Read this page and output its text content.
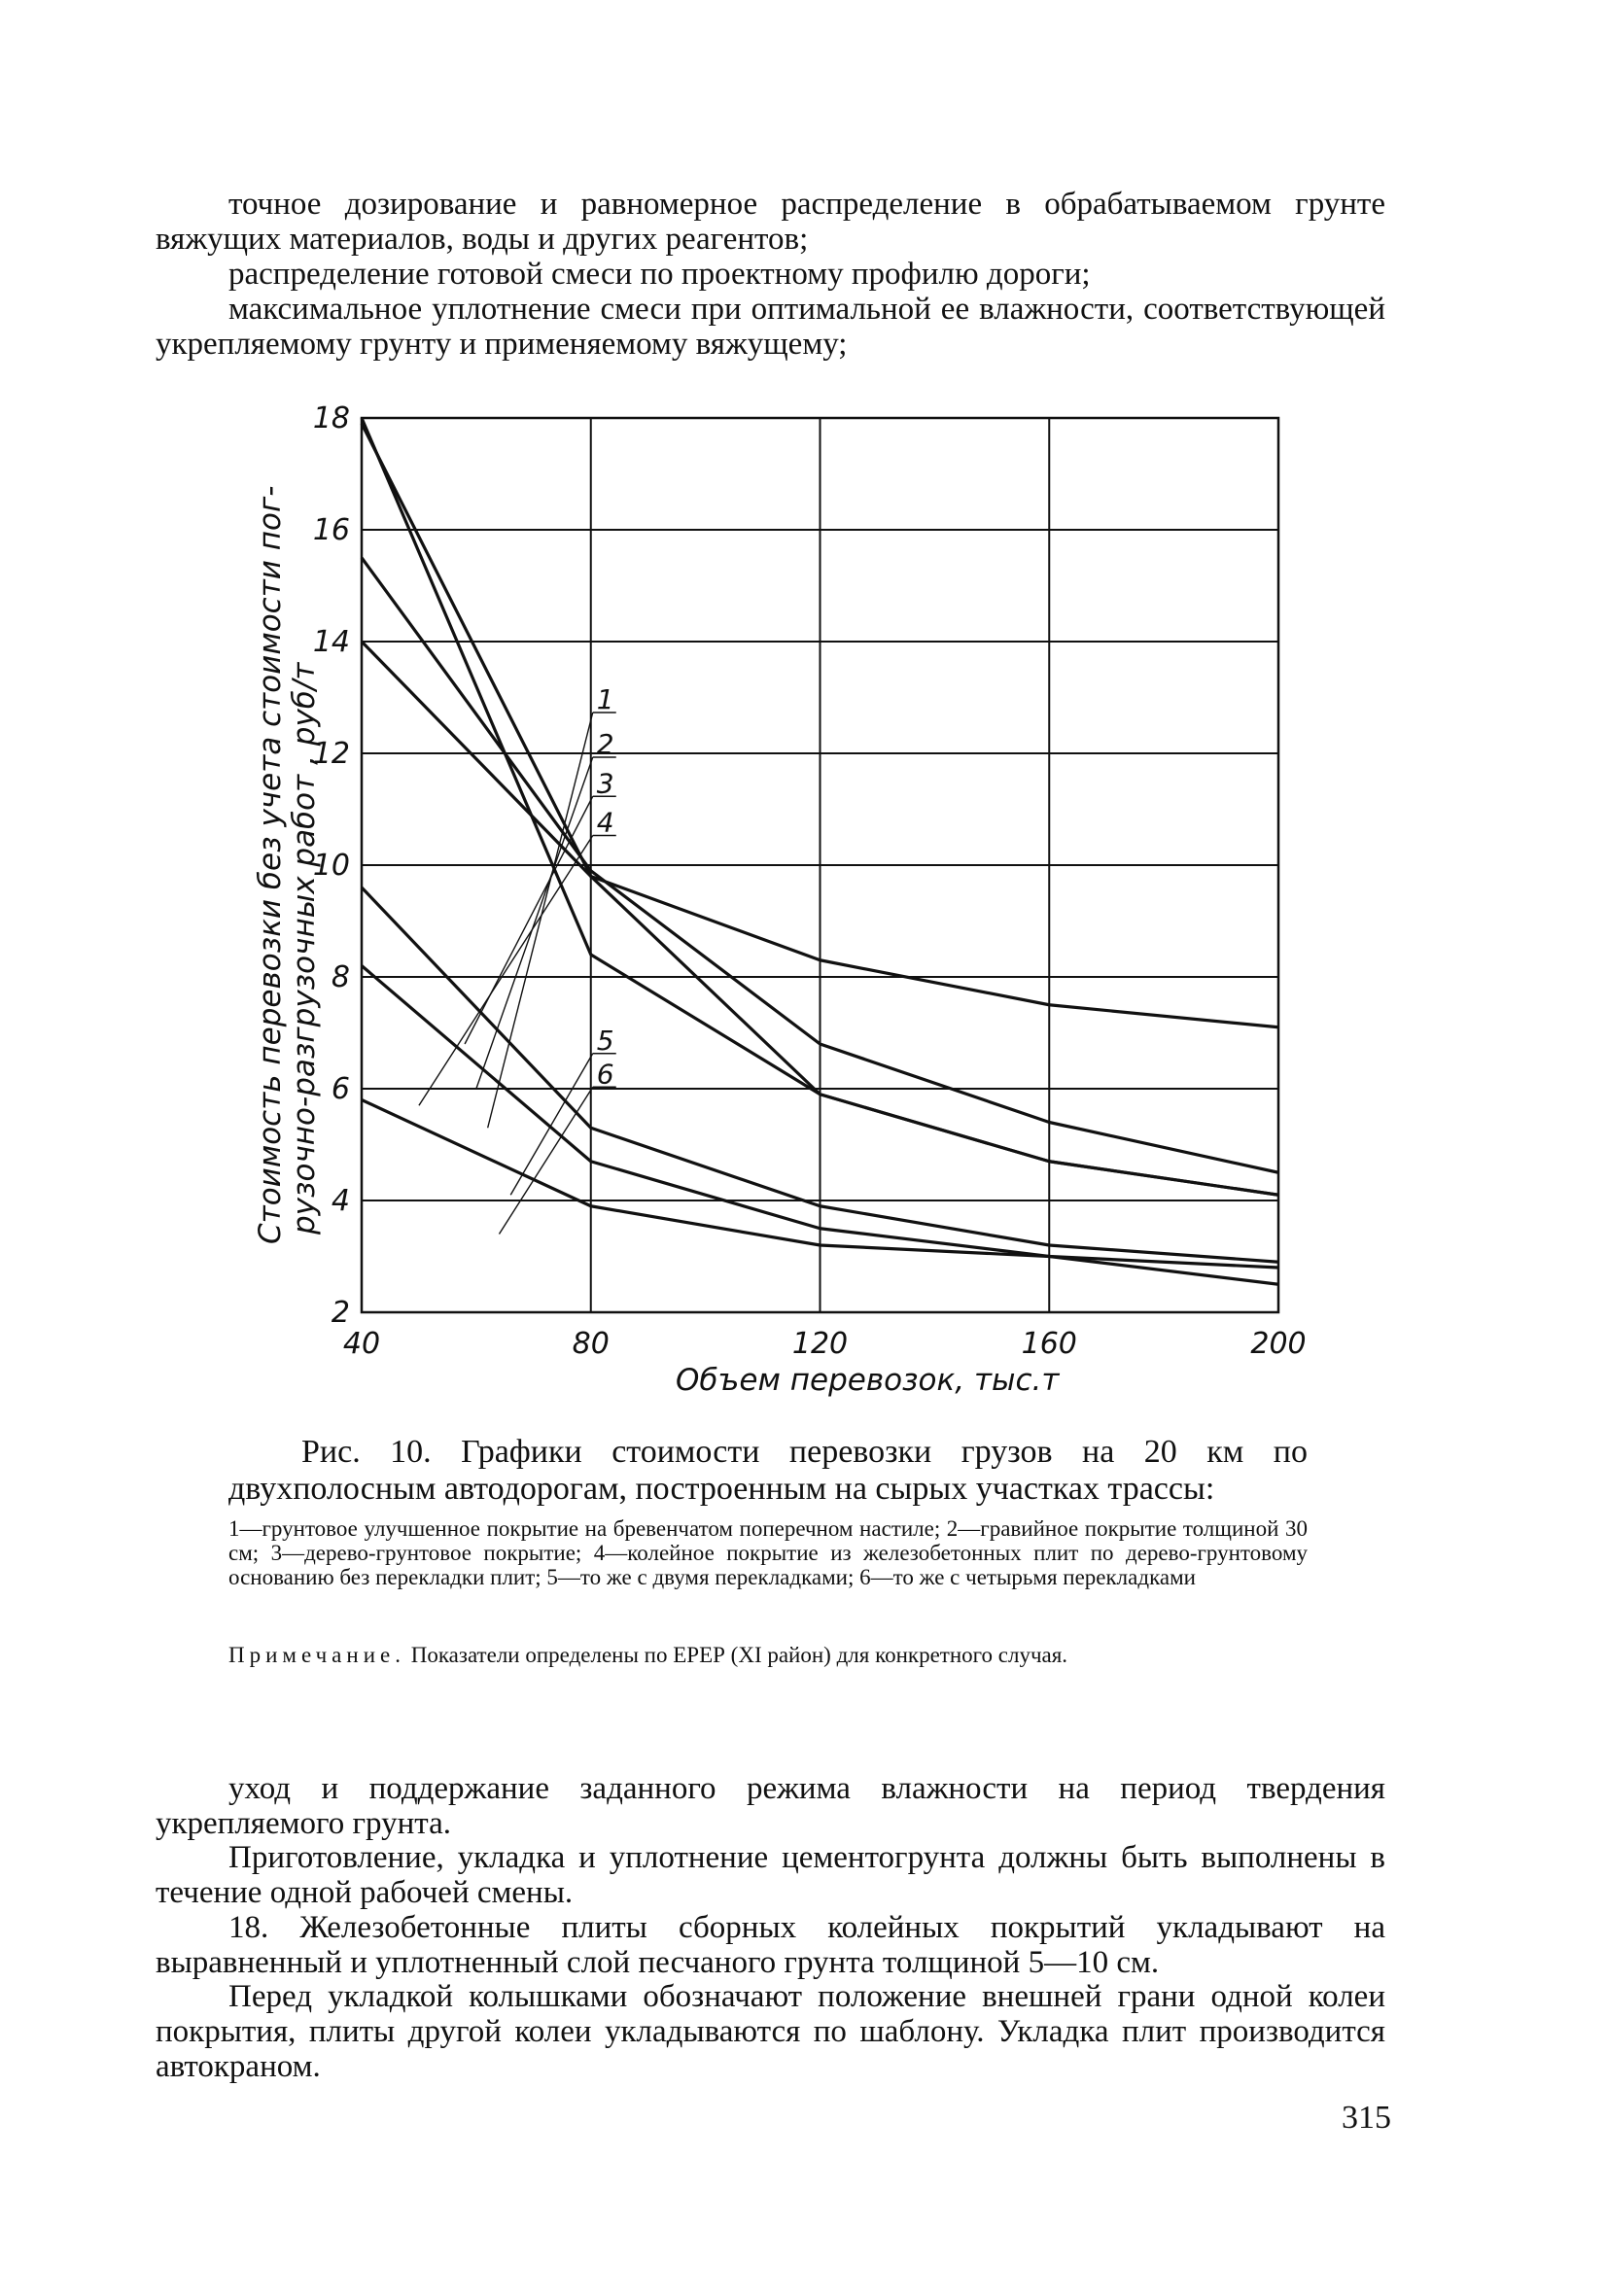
точное дозирование и равномерное распределение в обрабатываемом грунте вяжущих материалов, воды и других реагентов;

распределение готовой смеси по проектному профилю дороги;

максимальное уплотнение смеси при оптимальной ее влажности, соответствующей укрепляемому грунту и применяемому вяжущему;

1
2
3
4
5
6
40	80	120	160	200
2
4
6
8
10
12
14
16
18
Стоимость перевозки без учета стоимости пог- рузочно-разгрузочных работ , руб/т
Объем перевозок, тыс.т

Рис. 10. Графики стоимости перевозки грузов на 20 км по двухполосным автодорогам, построенным на сырых участках трассы:

1—грунтовое улучшенное покрытие на бревенчатом поперечном настиле; 2—гравийное покрытие толщиной 30 см; 3—дерево-грунтовое покрытие; 4—колейное покрытие из железобетонных плит по дерево-грунтовому основанию без перекладки плит; 5—то же с двумя перекладками; 6—то же с четырьмя перекладками

Примечание. Показатели определены по ЕРЕР (XI район) для конкретного случая.

уход и поддержание заданного режима влажности на период твердения укрепляемого грунта.

Приготовление, укладка и уплотнение цементогрунта должны быть выполнены в течение одной рабочей смены.

18. Железобетонные плиты сборных колейных покрытий укладывают на выравненный и уплотненный слой песчаного грунта толщиной 5—10 см.

Перед укладкой колышками обозначают положение внешней грани одной колеи покрытия, плиты другой колеи укладываются по шаблону. Укладка плит производится автокраном.

315
